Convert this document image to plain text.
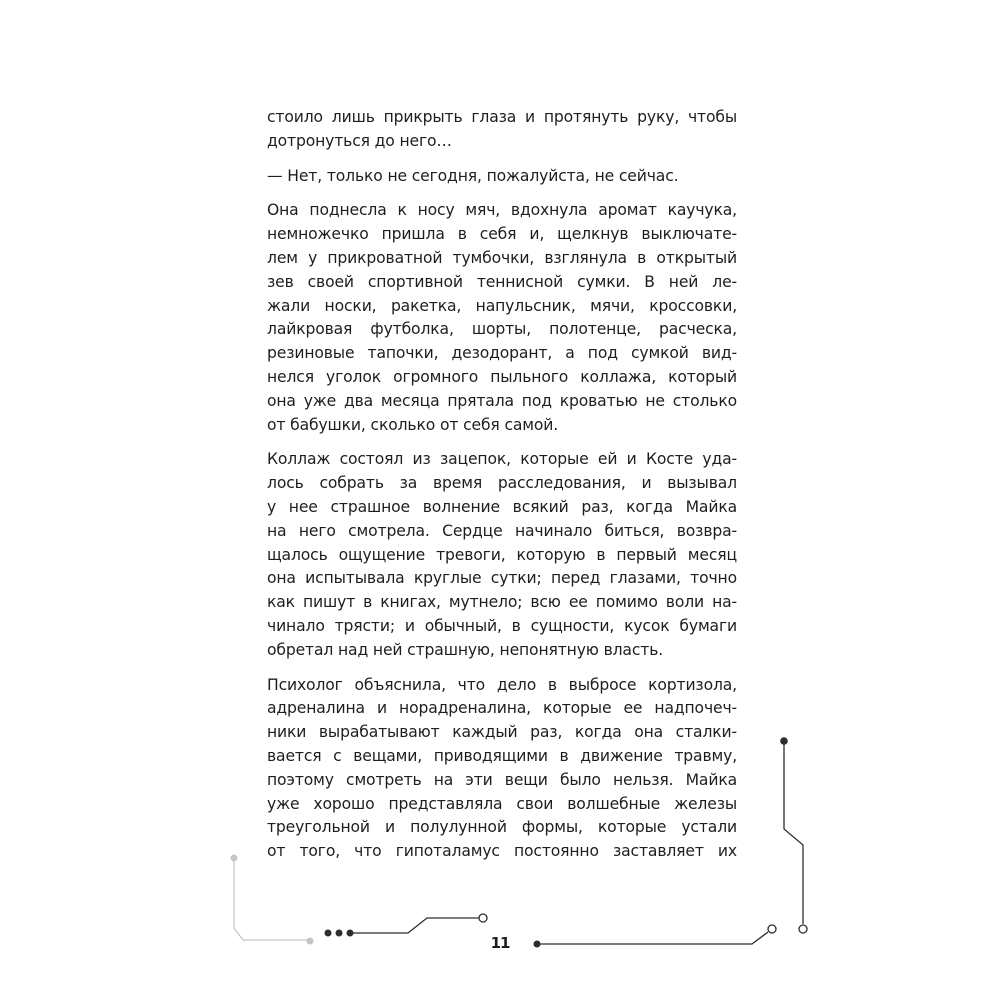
стоило лишь прикрыть глаза и протянуть руку, чтобы
дотронуться до него…
— Нет, только не сегодня, пожалуйста, не сейчас.
Она поднесла к носу мяч, вдохнула аромат каучука,
немножечко пришла в себя и, щелкнув выключате-
лем у прикроватной тумбочки, взглянула в открытый
зев своей спортивной теннисной сумки. В ней ле-
жали носки, ракетка, напульсник, мячи, кроссовки,
лайкровая футболка, шорты, полотенце, расческа,
резиновые тапочки, дезодорант, а под сумкой вид-
нелся уголок огромного пыльного коллажа, который
она уже два месяца прятала под кроватью не столько
от бабушки, сколько от себя самой.
Коллаж состоял из зацепок, которые ей и Косте уда-
лось собрать за время расследования, и вызывал
у нее страшное волнение всякий раз, когда Майка
на него смотрела. Сердце начинало биться, возвра-
щалось ощущение тревоги, которую в первый месяц
она испытывала круглые сутки; перед глазами, точно
как пишут в книгах, мутнело; всю ее помимо воли на-
чинало трясти; и обычный, в сущности, кусок бумаги
обретал над ней страшную, непонятную власть.
Психолог объяснила, что дело в выбросе кортизола,
адреналина и норадреналина, которые ее надпочеч-
ники вырабатывают каждый раз, когда она сталки-
вается с вещами, приводящими в движение травму,
поэтому смотреть на эти вещи было нельзя. Майка
уже хорошо представляла свои волшебные железы
треугольной и полулунной формы, которые устали
от того, что гипоталамус постоянно заставляет их
11
